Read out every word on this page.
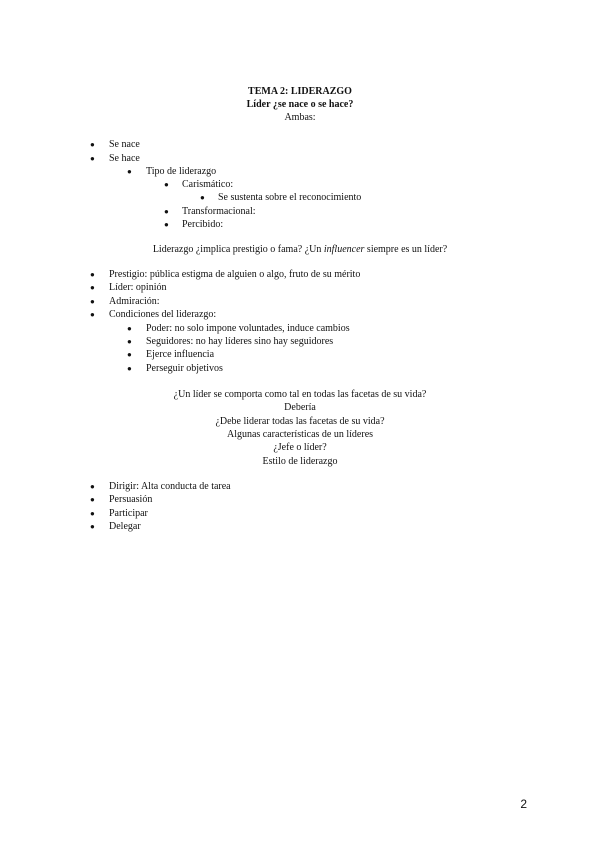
TEMA 2: LIDERAZGO
Líder ¿se nace o se hace?
Ambas:
● Se nace
● Se hace
● Tipo de liderazgo
● Carismático:
● Se sustenta sobre el reconocimiento
● Transformacional:
● Percibido:
Liderazgo ¿implica prestigio o fama? ¿Un influencer siempre es un líder?
● Prestigio: pública estigma de alguien o algo, fruto de su mérito
● Líder: opinión
● Admiración:
● Condiciones del liderazgo:
● Poder: no solo impone voluntades, induce cambios
● Seguidores: no hay líderes sino hay seguidores
● Ejerce influencia
● Perseguir objetivos
¿Un líder se comporta como tal en todas las facetas de su vida?
Debería
¿Debe liderar todas las facetas de su vida?
Algunas características de un líderes
¿Jefe o líder?
Estilo de liderazgo
● Dirigir: Alta conducta de tarea
● Persuasión
● Participar
● Delegar
2
